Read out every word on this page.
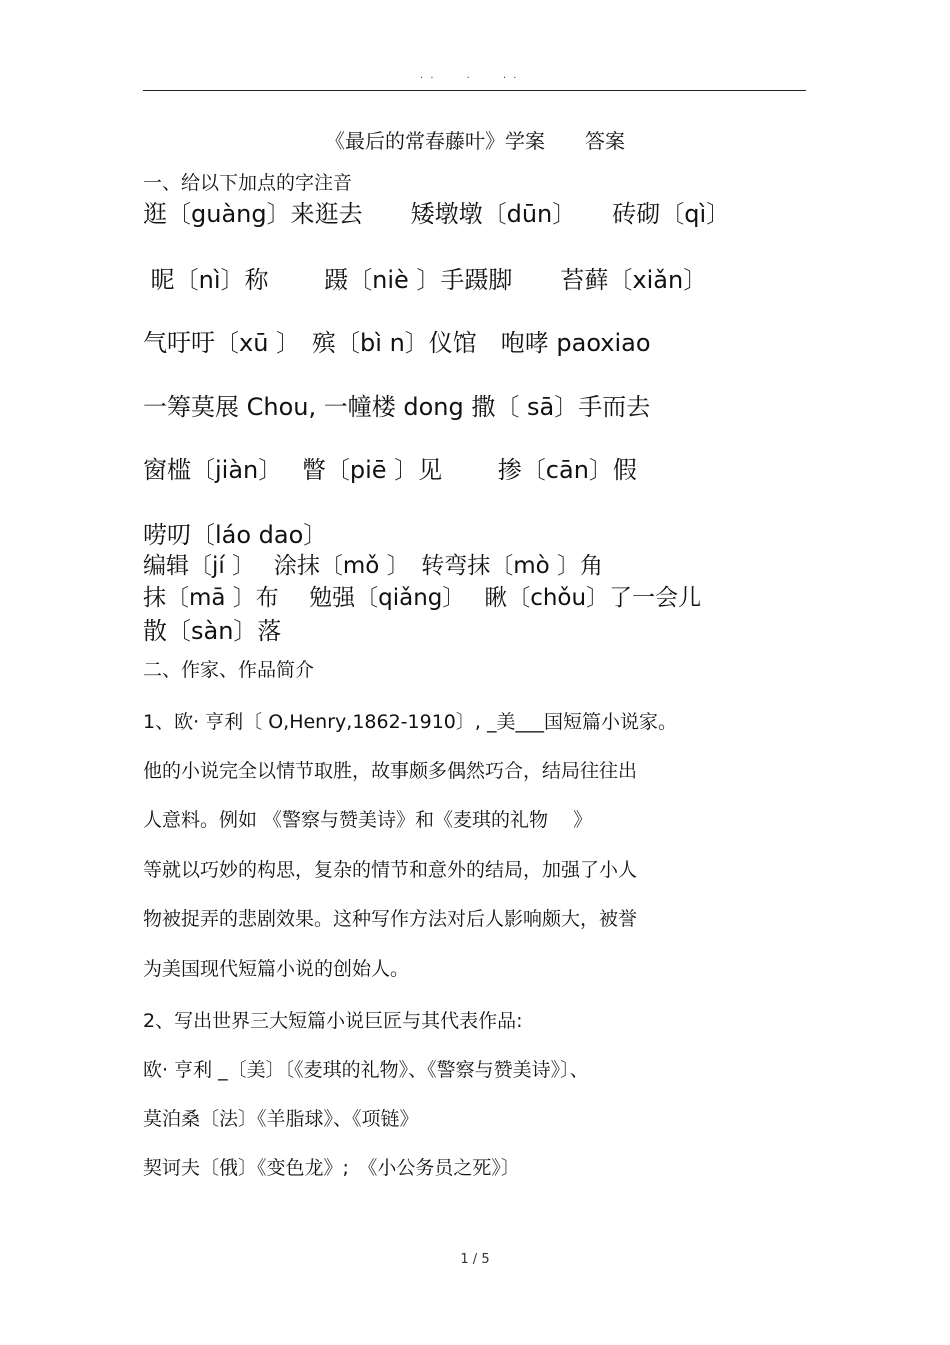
. .      .      . .
《最后的常春藤叶》学案　　答案
一、给以下加点的字注音
逛〔guàng〕来逛去　　矮墩墩〔dūn〕　　砖砌〔qì〕
昵〔nì〕称　　 蹑〔niè 〕手蹑脚　　苔藓〔xiǎn〕
气吁吁〔xū 〕　殡〔bì n〕仪馆　咆哮 paoxiao
一筹莫展 Chou, 一幢楼 dong 撒〔 sā〕手而去
窗槛〔jiàn〕　 瞥〔piē 〕见　　 掺〔cān〕假
唠叨〔láo dao〕
编辑〔jí 〕　 涂抹〔mǒ 〕　转弯抹〔mò 〕角
抹〔mā 〕布　 勉强〔qiǎng〕　 瞅〔chǒu〕了一会儿
散〔sàn〕落
二、作家、作品简介
1、欧· 亨利〔 O,Henry,1862-1910〕, _美___国短篇小说家。
他的小说完全以情节取胜，故事颇多偶然巧合，结局往往出
人意料。例如 《警察与赞美诗》和《麦琪的礼物　 》
等就以巧妙的构思，复杂的情节和意外的结局，加强了小人
物被捉弄的悲剧效果。这种写作方法对后人影响颇大，被誉
为美国现代短篇小说的创始人。
2、写出世界三大短篇小说巨匠与其代表作品:
欧· 亨利 _〔美〕〔《麦琪的礼物》、《警察与赞美诗》〕、
莫泊桑〔法〕《羊脂球》、《项链》
契诃夫〔俄〕《变色龙》;　《小公务员之死》〕
1 / 5
